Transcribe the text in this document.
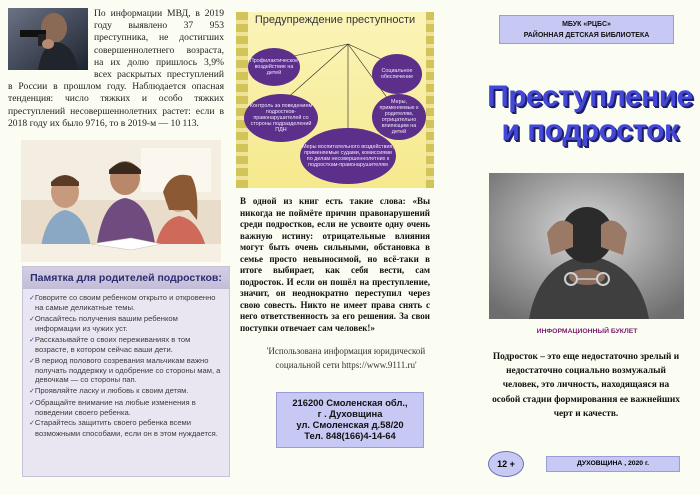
По информации МВД, в 2019 году выявлено 37 953 преступника, не достигших совершеннолетнего возраста, на их долю пришлось 3,9% всех раскрытых преступлений в России в прошлом году. Наблюдается опасная тенденция: число тяжких и особо тяжких преступлений несовершеннолетних растет: если в 2018 году их было 9716, то в 2019-м — 10 113.
Памятка для родителей подростков:
✓Говорите со своим ребенком открыто и откровенно на самые деликатные темы.
✓Опасайтесь получения вашим ребенком информации из чужих уст.
✓Рассказывайте о своих переживаниях в том возрасте, в котором сейчас ваши дети.
✓В период полового созревания мальчикам важно получать поддержку и одобрение со стороны мам, а девочкам — со стороны пап.
✓Проявляйте ласку и любовь к своим детям.
✓Обращайте внимание на любые изменения в поведении своего ребенка.
✓Старайтесь защитить своего ребенка всеми возможными способами, если он в этом нуждается.
Предупреждение преступности
Профилактическое воздействие на детей	Социальное обеспечение
Контроль за поведением подростков-правонарушителей со стороны подразделений ПДН
Меры, применяемые к родителям, отрицательно влияющим на детей
Меры воспитательного воздействия, применяемые судами, комиссиями по делам несовершеннолетних к подросткам-правонарушителям
В одной из книг есть такие слова: «Вы никогда не поймёте причин правонарушений среди подростков, если не усвоите одну очень важную истину: отрицательные влияния могут быть очень сильными, обстановка в семье просто невыносимой, но всё-таки в итоге выбирает, как себя вести, сам подросток. И если он пошёл на преступление, значит, он неоднократно переступил через свою совесть. Никто не имеет права снять с него ответственность за его решения. За свои поступки отвечает сам человек!»
'Использована информация юридической социальной сети https://www.9111.ru'
216200 Смоленская обл.,
г . Духовщина
ул. Смоленская д.58/20
Тел. 848(166)4-14-64
МБУК «РЦБС»
РАЙОННАЯ ДЕТСКАЯ БИБЛИОТЕКА
Преступление
и подросток
ИНФОРМАЦИОННЫЙ БУКЛЕТ
Подросток – это еще недостаточно зрелый и недостаточно социально возмужалый человек, это личность, находящаяся на особой стадии формирования ее важнейших черт и качеств.
12 +	ДУХОВЩИНА , 2020 г.
